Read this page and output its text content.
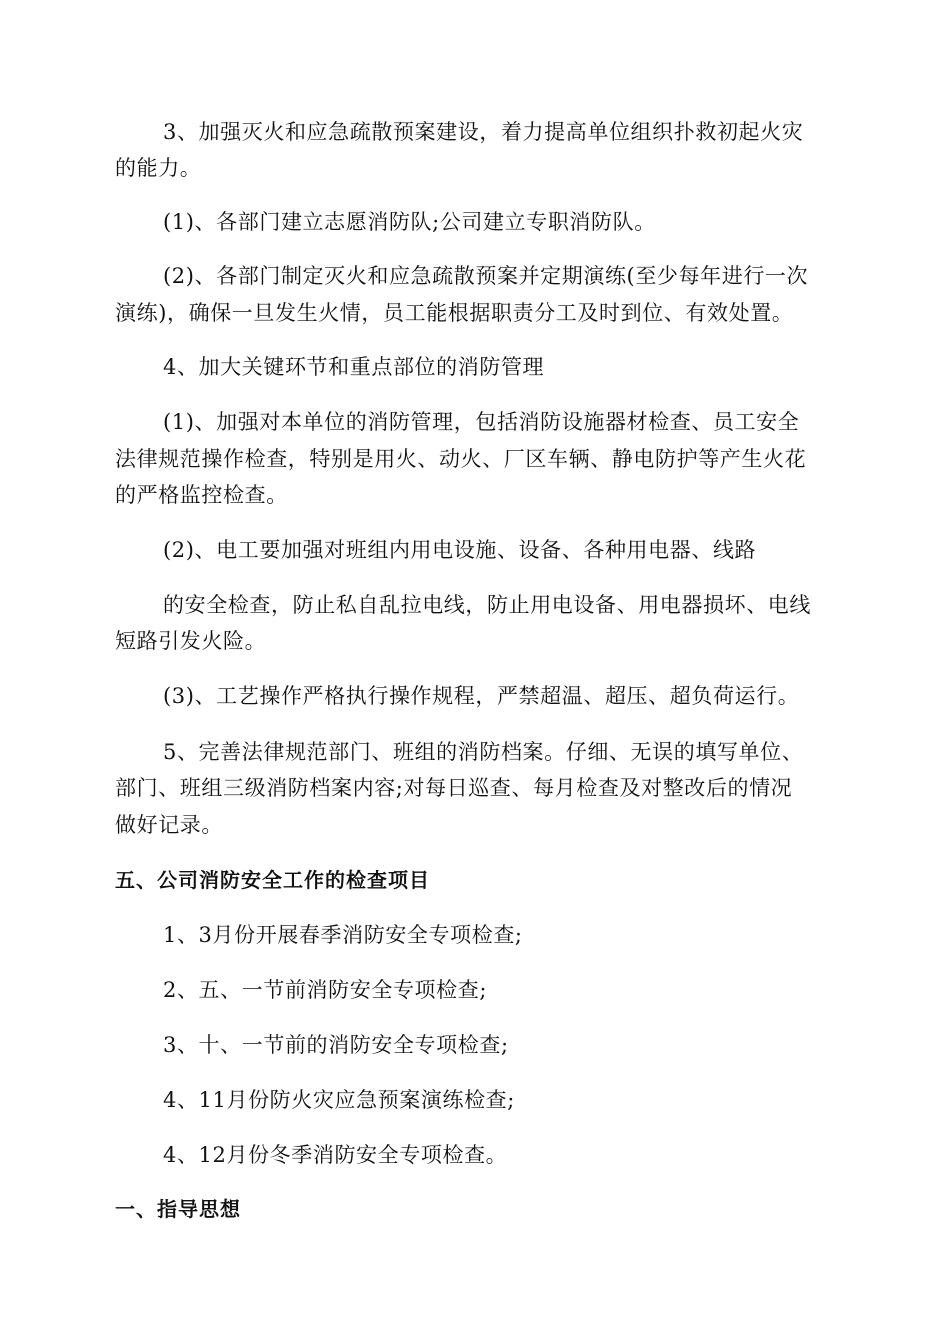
3、加强灭火和应急疏散预案建设，着力提高单位组织扑救初起火灾
的能力。
(1)、各部门建立志愿消防队;公司建立专职消防队。
(2)、各部门制定灭火和应急疏散预案并定期演练(至少每年进行一次
演练)，确保一旦发生火情，员工能根据职责分工及时到位、有效处置。
4、加大关键环节和重点部位的消防管理
(1)、加强对本单位的消防管理，包括消防设施器材检查、员工安全
法律规范操作检查，特别是用火、动火、厂区车辆、静电防护等产生火花
的严格监控检查。
(2)、电工要加强对班组内用电设施、设备、各种用电器、线路
的安全检查，防止私自乱拉电线，防止用电设备、用电器损坏、电线
短路引发火险。
(3)、工艺操作严格执行操作规程，严禁超温、超压、超负荷运行。
5、完善法律规范部门、班组的消防档案。仔细、无误的填写单位、
部门、班组三级消防档案内容;对每日巡查、每月检查及对整改后的情况
做好记录。
五、公司消防安全工作的检查项目
1、3月份开展春季消防安全专项检查;
2、五、一节前消防安全专项检查;
3、十、一节前的消防安全专项检查;
4、11月份防火灾应急预案演练检查;
4、12月份冬季消防安全专项检查。
一、指导思想
